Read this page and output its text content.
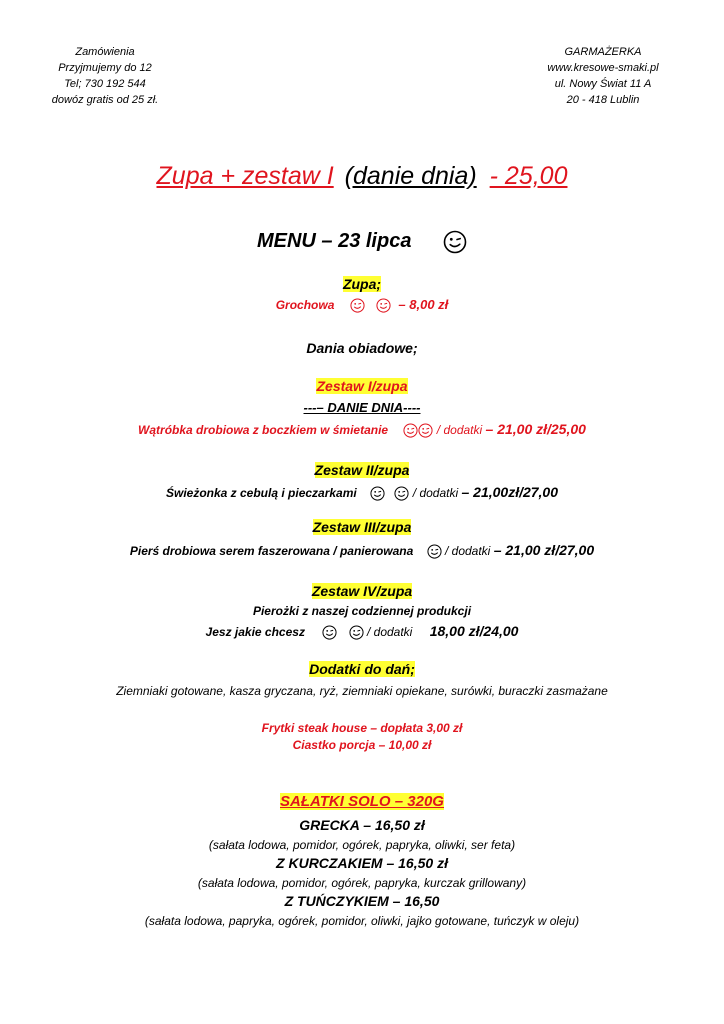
Zamówienia
Przyjmujemy do 12
Tel; 730 192 544
dowóz gratis od 25 zł.
GARMAŻERKA
www.kresowe-smaki.pl
ul. Nowy Świat 11 A
20 - 418 Lublin
Zupa + zestaw I (danie dnia) - 25,00
MENU – 23 lipca
Zupa;
Grochowa
	– 8,00 zł
Dania obiadowe;
Zestaw I/zupa
---– DANIE DNIA----
Wątróbka drobiowa z boczkiem w śmietanie	/ dodatki – 21,00 zł/25,00
Zestaw II/zupa
Świeżonka z cebulą i pieczarkami
	/ dodatki – 21,00zł/27,00
Zestaw III/zupa
Pierś drobiowa serem faszerowana / panierowana	/ dodatki – 21,00 zł/27,00
Zestaw IV/zupa
Pierożki z naszej codziennej produkcji
Jesz jakie chcesz
	/ dodatki 18,00 zł/24,00
Dodatki do dań;
Ziemniaki gotowane, kasza gryczana, ryż, ziemniaki opiekane, surówki, buraczki zasmażane
Frytki steak house – dopłata 3,00 zł
Ciastko porcja – 10,00 zł
SAŁATKI SOLO – 320G
GRECKA – 16,50 zł
(sałata lodowa, pomidor, ogórek, papryka, oliwki, ser feta)
Z KURCZAKIEM – 16,50 zł
(sałata lodowa, pomidor, ogórek, papryka, kurczak grillowany)
Z TUŃCZYKIEM – 16,50
(sałata lodowa, papryka, ogórek, pomidor, oliwki, jajko gotowane, tuńczyk w oleju)
